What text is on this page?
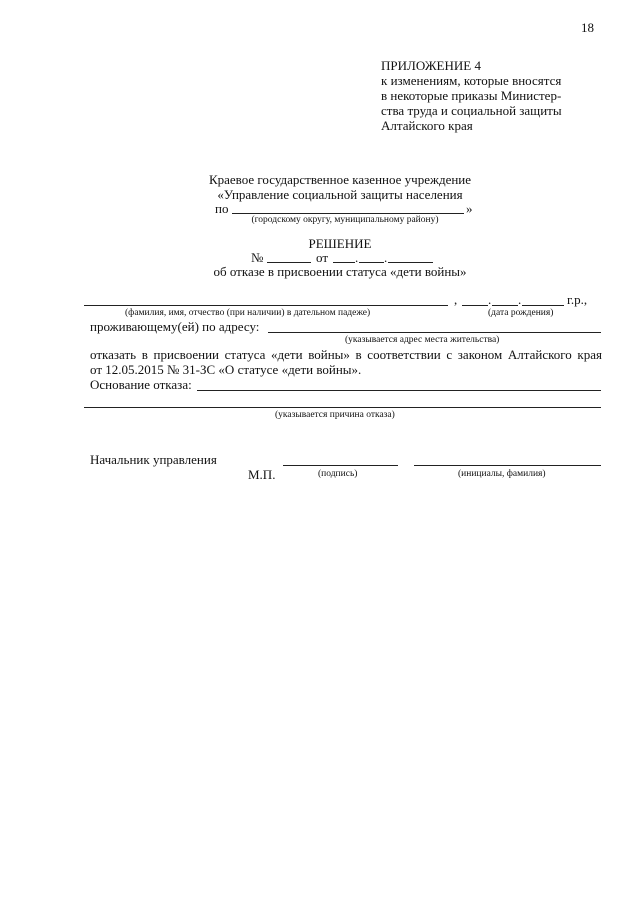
18
ПРИЛОЖЕНИЕ 4
к изменениям, которые вносятся
в некоторые приказы Министер-
ства труда и социальной защиты
Алтайского края
Краевое государственное казенное учреждение
«Управление социальной защиты населения
по	»
(городскому округу, муниципальному району)
РЕШЕНИЕ
№	от . .
об отказе в присвоении статуса «дети войны»
, . .	г.р.,
(фамилия, имя, отчество (при наличии) в дательном падеже)	(дата рождения)
проживающему(ей) по адресу:
(указывается адрес места жительства)
отказать в присвоении статуса «дети войны» в соответствии с законом Алтайского края
от 12.05.2015 № 31-ЗС «О статусе «дети войны».
Основание отказа:
(указывается причина отказа)
Начальник управления
М.П.	(подпись)	(инициалы, фамилия)
